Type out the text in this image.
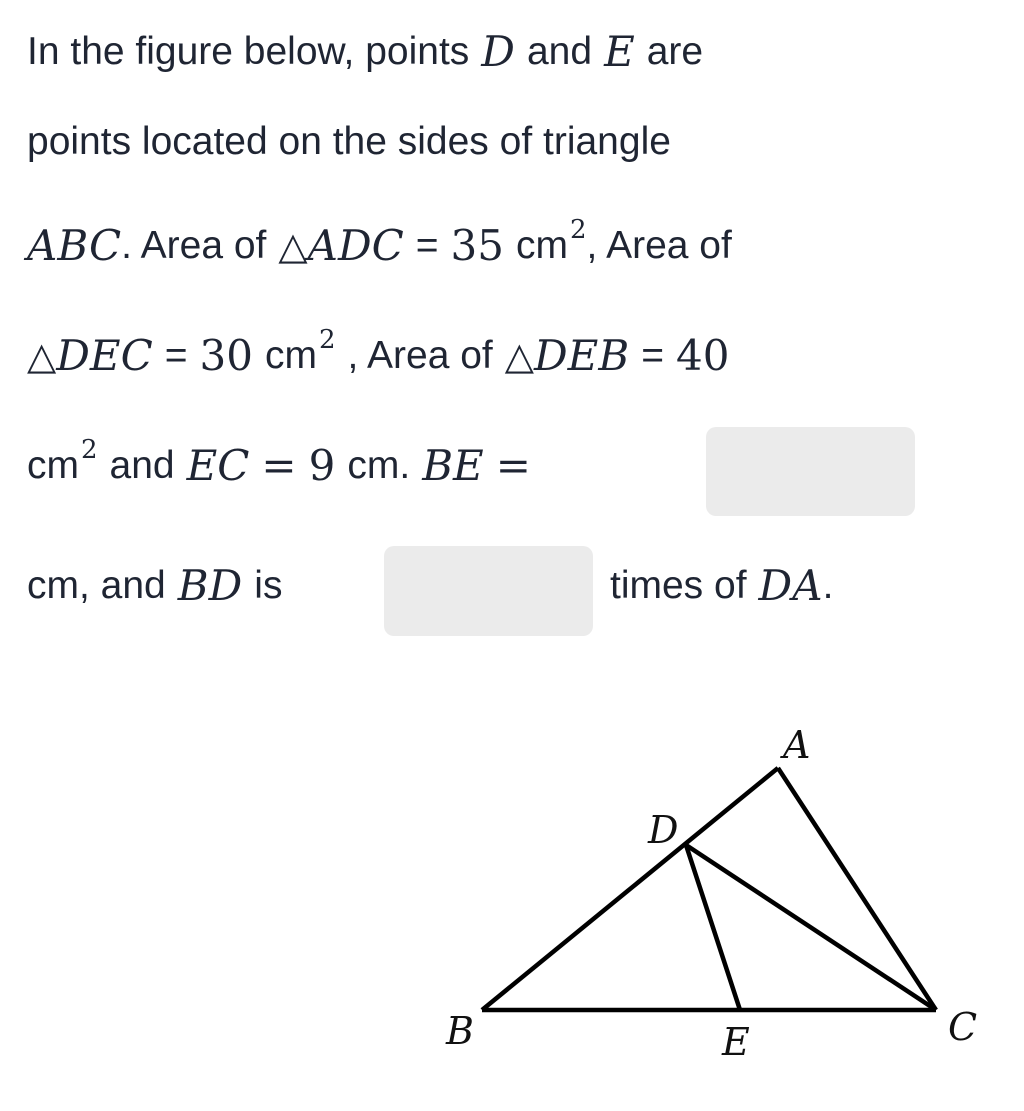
In the figure below, points D and E are
points located on the sides of triangle
ABC . Area of △ ADC = 35 cm 2 , Area of
△ DEC = 30 cm 2 , Area of △ DEB = 40
cm 2 and EC = 9 cm. BE =
cm, and BD is	times of DA .
A
D
B	E	C
